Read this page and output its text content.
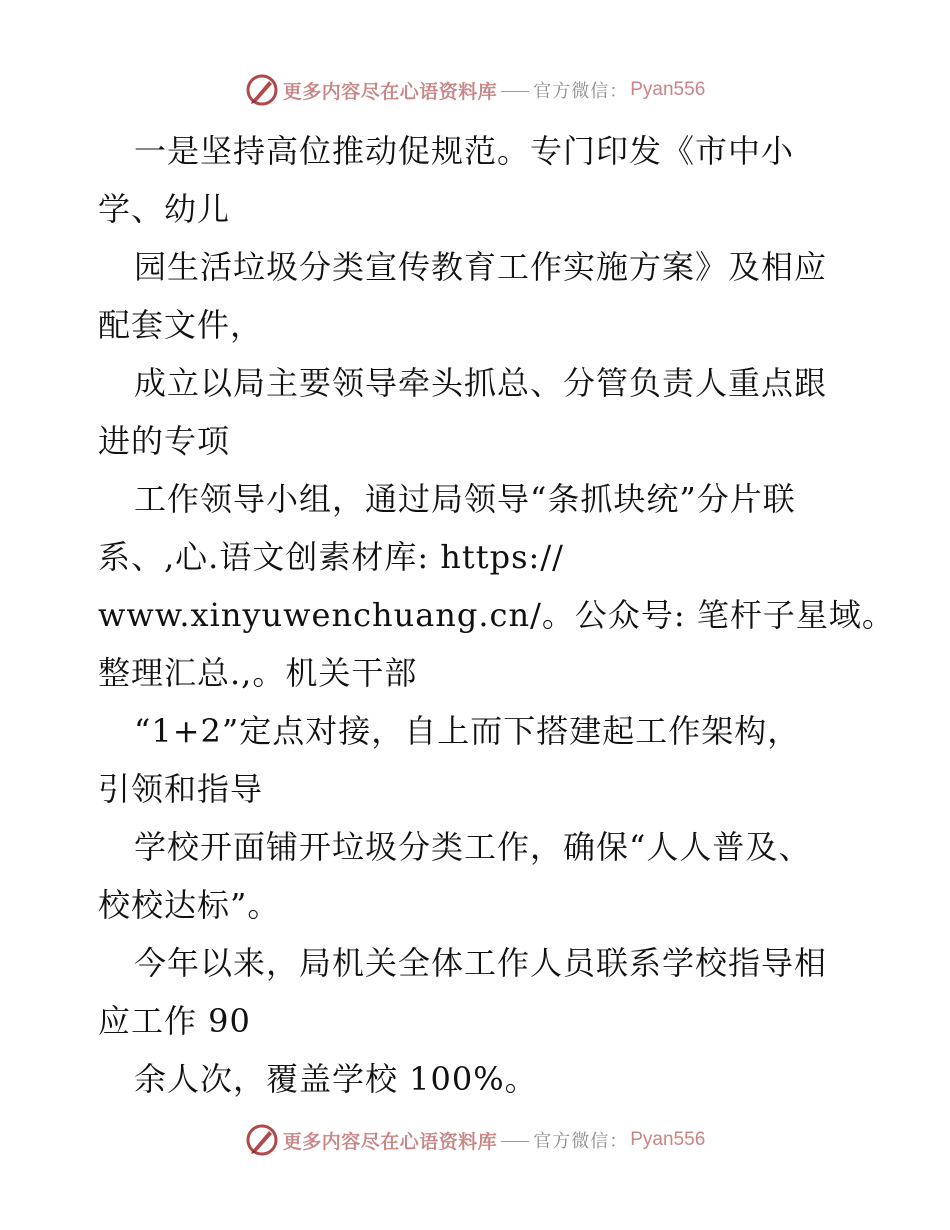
更多内容尽在心语资料库 官方微信： Pyan556
一是坚持高位推动促规范。专门印发《市中小
学、幼儿
园生活垃圾分类宣传教育工作实施方案》及相应
配套文件，
成立以局主要领导牵头抓总、分管负责人重点跟
进的专项
工作领导小组，通过局领导“条抓块统”分片联
系、,心.语文创素材库: https://
www.xinyuwenchuang.cn/。公众号: 笔杆子星域。
整理汇总.,。机关干部
“1+2”定点对接，自上而下搭建起工作架构，
引领和指导
学校开面铺开垃圾分类工作，确保“人人普及、
校校达标”。
今年以来，局机关全体工作人员联系学校指导相
应工作 90
余人次，覆盖学校 100%。
更多内容尽在心语资料库 官方微信： Pyan556
